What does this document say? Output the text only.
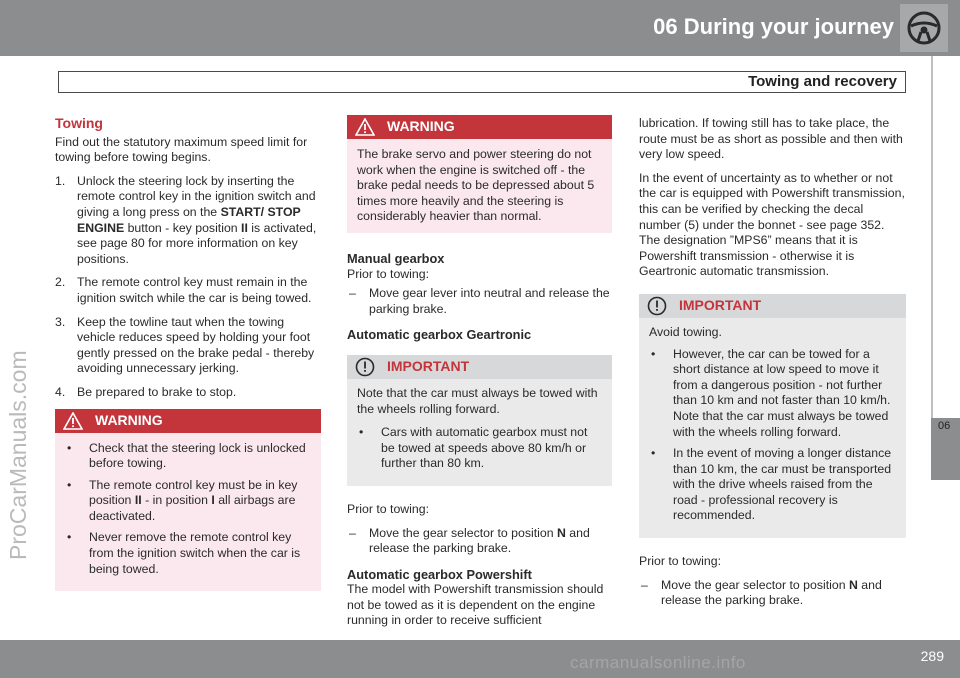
06 During your journey
Towing and recovery
06
Towing

Find out the statutory maximum speed limit for towing before towing begins.

1. Unlock the steering lock by inserting the remote control key in the ignition switch and giving a long press on the START/ STOP ENGINE button - key position II is activated, see page 80 for more information on key positions.
2. The remote control key must remain in the ignition switch while the car is being towed.
3. Keep the towline taut when the towing vehicle reduces speed by holding your foot gently pressed on the brake pedal - thereby avoiding unnecessary jerking.
4. Be prepared to brake to stop.
WARNING
•	Check that the steering lock is unlocked before towing.
•	The remote control key must be in key position II - in position I all airbags are deactivated.
•	Never remove the remote control key from the ignition switch when the car is being towed.
WARNING
The brake servo and power steering do not work when the engine is switched off - the brake pedal needs to be depressed about 5 times more heavily and the steering is considerably heavier than normal.
Manual gearbox

Prior to towing:

–	Move gear lever into neutral and release the parking brake.
Automatic gearbox Geartronic
IMPORTANT

Note that the car must always be towed with the wheels rolling forward.

•	Cars with automatic gearbox must not be towed at speeds above 80 km/h or further than 80 km.

Prior to towing:

–	Move the gear selector to position N and release the parking brake.
Automatic gearbox Powershift

The model with Powershift transmission should not be towed as it is dependent on the engine running in order to receive sufficient

lubrication. If towing still has to take place, the route must be as short as possible and then with very low speed.

In the event of uncertainty as to whether or not the car is equipped with Powershift transmission, this can be verified by checking the decal number (5) under the bonnet - see page 352. The designation ”MPS6” means that it is Powershift transmission - otherwise it is Geartronic automatic transmission.

IMPORTANT

Avoid towing.

•	However, the car can be towed for a short distance at low speed to move it from a dangerous position - not further than 10 km and not faster than 10 km/h. Note that the car must always be towed with the wheels rolling forward.
•	In the event of moving a longer distance than 10 km, the car must be transported with the drive wheels raised from the road - professional recovery is recommended.

Prior to towing:

–	Move the gear selector to position N and release the parking brake.
289
ProCarManuals.com
carmanualsonline.info
